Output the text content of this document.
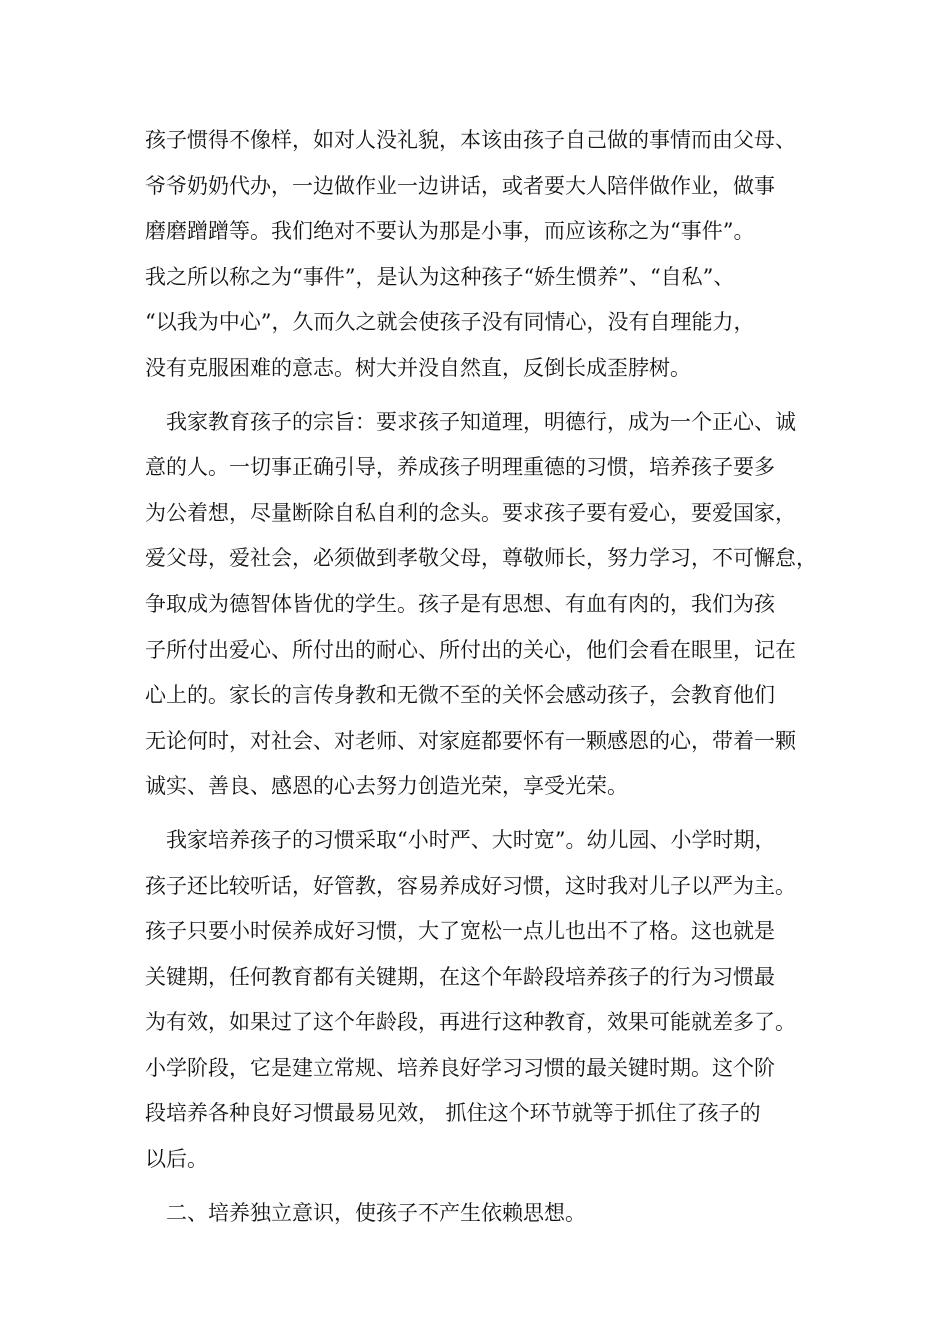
孩子惯得不像样，如对人没礼貌，本该由孩子自己做的事情而由父母、
爷爷奶奶代办，一边做作业一边讲话，或者要大人陪伴做作业，做事
磨磨蹭蹭等。我们绝对不要认为那是小事，而应该称之为“事件”。
我之所以称之为“事件”，是认为这种孩子“娇生惯养”、“自私”、
“以我为中心”，久而久之就会使孩子没有同情心，没有自理能力，
没有克服困难的意志。树大并没自然直，反倒长成歪脖树。
我家教育孩子的宗旨：要求孩子知道理，明德行，成为一个正心、诚
意的人。一切事正确引导，养成孩子明理重德的习惯，培养孩子要多
为公着想，尽量断除自私自利的念头。要求孩子要有爱心，要爱国家，
爱父母，爱社会，必须做到孝敬父母，尊敬师长，努力学习，不可懈怠，
争取成为德智体皆优的学生。孩子是有思想、有血有肉的，我们为孩
子所付出爱心、所付出的耐心、所付出的关心，他们会看在眼里，记在
心上的。家长的言传身教和无微不至的关怀会感动孩子，会教育他们
无论何时，对社会、对老师、对家庭都要怀有一颗感恩的心，带着一颗
诚实、善良、感恩的心去努力创造光荣，享受光荣。
我家培养孩子的习惯采取“小时严、大时宽”。幼儿园、小学时期，
孩子还比较听话，好管教，容易养成好习惯，这时我对儿子以严为主。
孩子只要小时侯养成好习惯，大了宽松一点儿也出不了格。这也就是
关键期，任何教育都有关键期，在这个年龄段培养孩子的行为习惯最
为有效，如果过了这个年龄段，再进行这种教育，效果可能就差多了。
小学阶段，它是建立常规、培养良好学习习惯的最关键时期。这个阶
段培养各种良好习惯最易见效， 抓住这个环节就等于抓住了孩子的
以后。
二、培养独立意识，使孩子不产生依赖思想。
